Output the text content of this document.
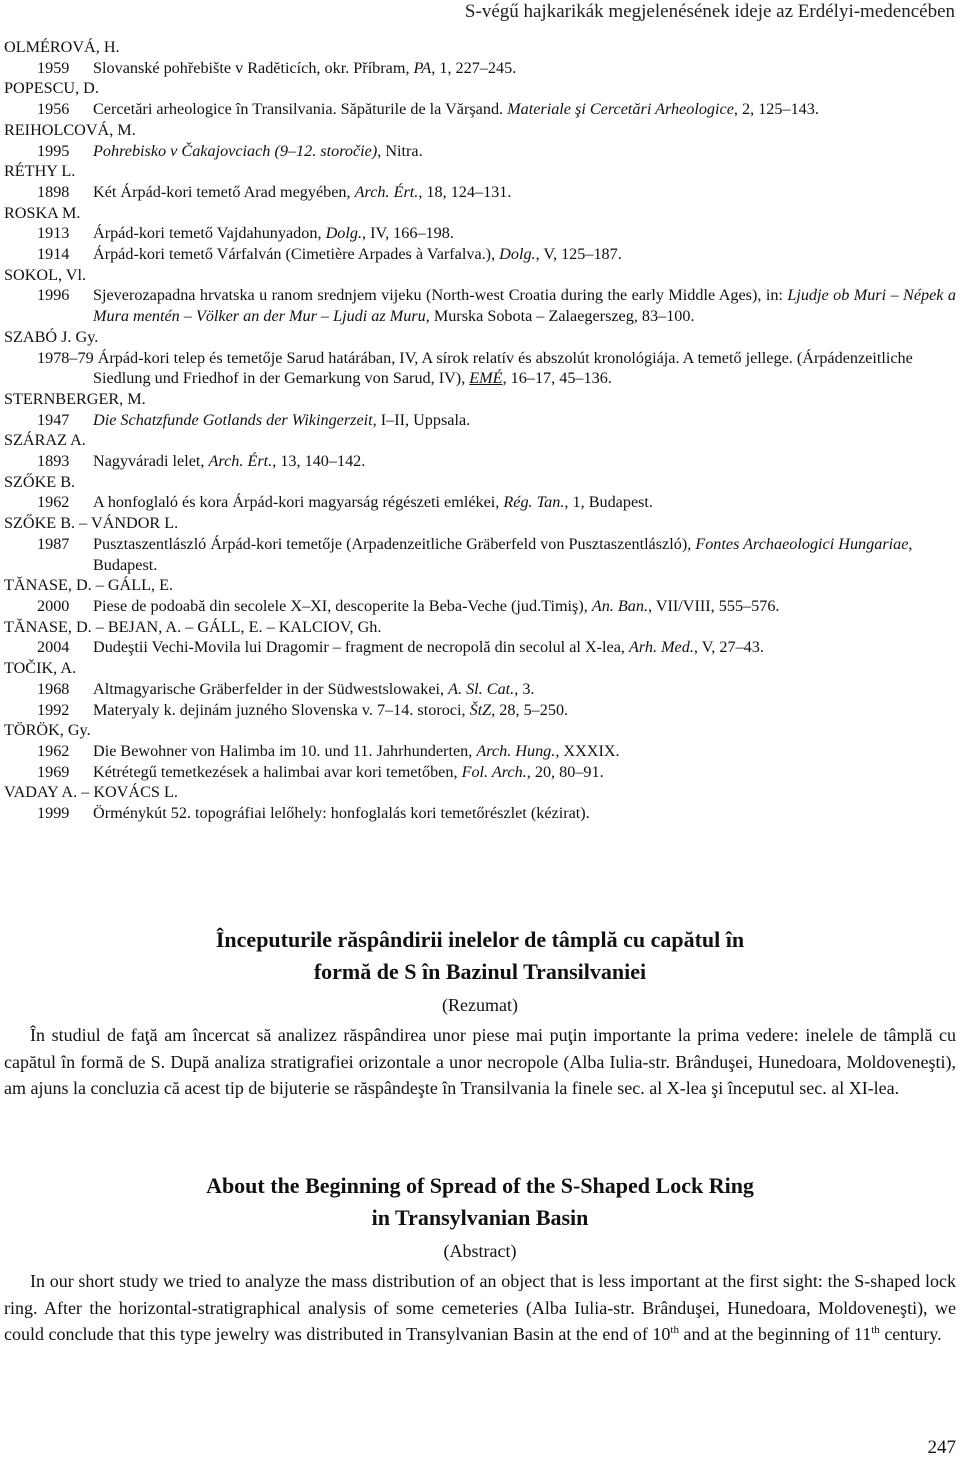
S-végű hajkarikák megjelenésének ideje az Erdélyi-medencében
OLMÉROVÁ, H.
1959 Slovanské pohřebište v Radĕticích, okr. Příbram, PA, 1, 227–245.
POPESCU, D.
1956 Cercetări arheologice în Transilvania. Săpăturile de la Vărşand. Materiale şi Cercetări Arheologice, 2, 125–143.
REIHOLCOVÁ, M.
1995 Pohrebisko v Čakajovciach (9–12. storočie), Nitra.
RÉTHY L.
1898 Két Árpád-kori temető Arad megyében, Arch. Ért., 18, 124–131.
ROSKA M.
1913 Árpád-kori temető Vajdahunyadon, Dolg., IV, 166–198.
1914 Árpád-kori temető Várfalván (Cimetière Arpades à Varfalva.), Dolg., V, 125–187.
SOKOL, Vl.
1996 Sjeverozapadna hrvatska u ranom srednjem vijeku (North-west Croatia during the early Middle Ages), in: Ljudje ob Muri – Népek a Mura mentén – Völker an der Mur – Ljudi az Muru, Murska Sobota – Zalaegerszeg, 83–100.
SZABÓ J. Gy.
1978–79 Árpád-kori telep és temetője Sarud határában, IV, A sírok relatív és abszolút kronológiája. A temető jellege. (Árpádenzeitliche Siedlung und Friedhof in der Gemarkung von Sarud, IV), EMÉ, 16–17, 45–136.
STERNBERGER, M.
1947 Die Schatzfunde Gotlands der Wikingerzeit, I–II, Uppsala.
SZÁRAZ A.
1893 Nagyváradi lelet, Arch. Ért., 13, 140–142.
SZŐKE B.
1962 A honfoglaló és kora Árpád-kori magyarság régészeti emlékei, Rég. Tan., 1, Budapest.
SZŐKE B. – VÁNDOR L.
1987 Pusztaszentlászló Árpád-kori temetője (Arpadenzeitliche Gräberfeld von Pusztaszentlászló), Fontes Archaeologici Hungariae, Budapest.
TĂNASE, D. – GÁLL, E.
2000 Piese de podoabă din secolele X–XI, descoperite la Beba-Veche (jud.Timiş), An. Ban., VII/VIII, 555–576.
TĂNASE, D. – BEJAN, A. – GÁLL, E. – KALCIOV, Gh.
2004 Dudeştii Vechi-Movila lui Dragomir – fragment de necropolă din secolul al X-lea, Arh. Med., V, 27–43.
TOČIK, A.
1968 Altmagyarische Gräberfelder in der Südwestslowakei, A. Sl. Cat., 3.
1992 Materyaly k. dejinám juzného Slovenska v. 7–14. storoci, ŠtZ, 28, 5–250.
TÖRÖK, Gy.
1962 Die Bewohner von Halimba im 10. und 11. Jahrhunderten, Arch. Hung., XXXIX.
1969 Kétrétegű temetkezések a halimbai avar kori temetőben, Fol. Arch., 20, 80–91.
VADAY A. – KOVÁCS L.
1999 Örménykút 52. topográfiai lelőhely: honfoglalás kori temetőrészlet (kézirat).
Începuturile răspândirii inelelor de tâmplă cu capătul în
formă de S în Bazinul Transilvaniei
(Rezumat)
În studiul de faţă am încercat să analizez răspândirea unor piese mai puţin importante la prima vedere: inelele de tâmplă cu capătul în formă de S. După analiza stratigrafiei orizontale a unor necropole (Alba Iulia-str. Brânduşei, Hunedoara, Moldoveneşti), am ajuns la concluzia că acest tip de bijuterie se răspândeşte în Transilvania la finele sec. al X-lea şi începutul sec. al XI-lea.
About the Beginning of Spread of the S-Shaped Lock Ring
in Transylvanian Basin
(Abstract)
In our short study we tried to analyze the mass distribution of an object that is less important at the first sight: the S-shaped lock ring. After the horizontal-stratigraphical analysis of some cemeteries (Alba Iulia-str. Brânduşei, Hunedoara, Moldoveneşti), we could conclude that this type jewelry was distributed in Transylvanian Basin at the end of 10th and at the beginning of 11th century.
247
